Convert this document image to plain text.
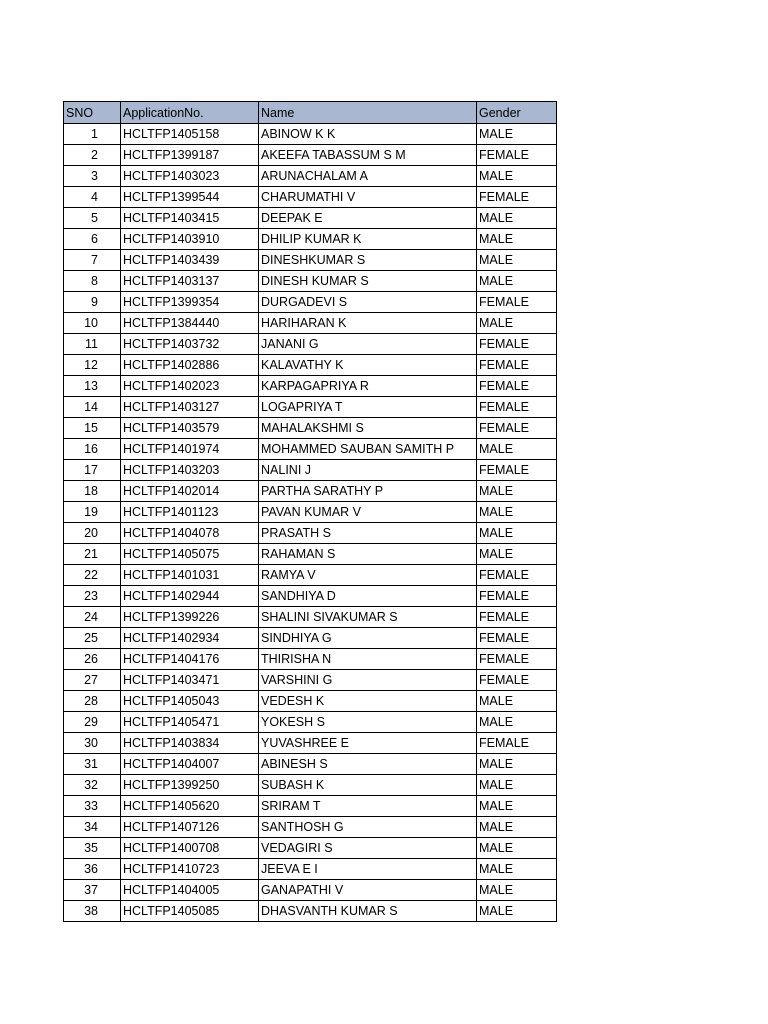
SNO	ApplicationNo.	Name	Gender
1	HCLTFP1405158	ABINOW K K	MALE
2	HCLTFP1399187	AKEEFA TABASSUM S M	FEMALE
3	HCLTFP1403023	ARUNACHALAM A	MALE
4	HCLTFP1399544	CHARUMATHI V	FEMALE
5	HCLTFP1403415	DEEPAK E	MALE
6	HCLTFP1403910	DHILIP KUMAR K	MALE
7	HCLTFP1403439	DINESHKUMAR S	MALE
8	HCLTFP1403137	DINESH KUMAR S	MALE
9	HCLTFP1399354	DURGADEVI S	FEMALE
10	HCLTFP1384440	HARIHARAN K	MALE
11	HCLTFP1403732	JANANI G	FEMALE
12	HCLTFP1402886	KALAVATHY K	FEMALE
13	HCLTFP1402023	KARPAGAPRIYA R	FEMALE
14	HCLTFP1403127	LOGAPRIYA T	FEMALE
15	HCLTFP1403579	MAHALAKSHMI S	FEMALE
16	HCLTFP1401974	MOHAMMED SAUBAN SAMITH P	MALE
17	HCLTFP1403203	NALINI J	FEMALE
18	HCLTFP1402014	PARTHA SARATHY P	MALE
19	HCLTFP1401123	PAVAN KUMAR V	MALE
20	HCLTFP1404078	PRASATH S	MALE
21	HCLTFP1405075	RAHAMAN S	MALE
22	HCLTFP1401031	RAMYA V	FEMALE
23	HCLTFP1402944	SANDHIYA D	FEMALE
24	HCLTFP1399226	SHALINI SIVAKUMAR S	FEMALE
25	HCLTFP1402934	SINDHIYA G	FEMALE
26	HCLTFP1404176	THIRISHA N	FEMALE
27	HCLTFP1403471	VARSHINI G	FEMALE
28	HCLTFP1405043	VEDESH K	MALE
29	HCLTFP1405471	YOKESH S	MALE
30	HCLTFP1403834	YUVASHREE E	FEMALE
31	HCLTFP1404007	ABINESH S	MALE
32	HCLTFP1399250	SUBASH K	MALE
33	HCLTFP1405620	SRIRAM T	MALE
34	HCLTFP1407126	SANTHOSH G	MALE
35	HCLTFP1400708	VEDAGIRI S	MALE
36	HCLTFP1410723	JEEVA E I	MALE
37	HCLTFP1404005	GANAPATHI V	MALE
38	HCLTFP1405085	DHASVANTH KUMAR S	MALE
